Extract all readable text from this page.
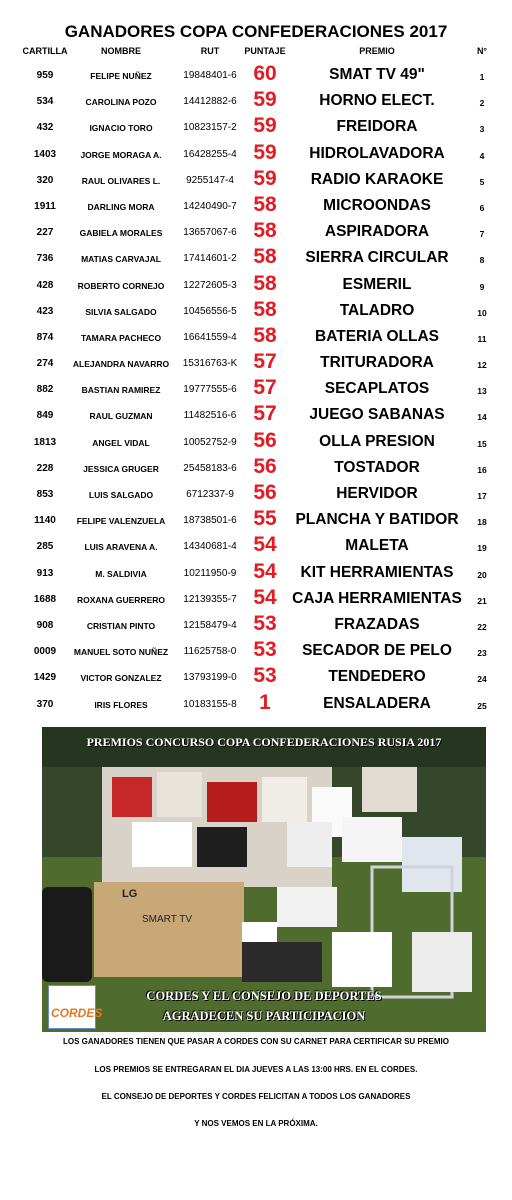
GANADORES COPA CONFEDERACIONES 2017
CARTILLA	NOMBRE	RUT	PUNTAJE	PREMIO	N°
959	FELIPE NUÑEZ	19848401-6 60	SMAT TV 49"	1
534	CAROLINA POZO	14412882-6 59	HORNO ELECT.	2
432	IGNACIO TORO	10823157-2 59	FREIDORA	3
1403	JORGE MORAGA A.	16428255-4 59	HIDROLAVADORA	4
320	RAUL OLIVARES L.	9255147-4 59	RADIO KARAOKE	5
1911	DARLING MORA	14240490-7 58	MICROONDAS	6
227	GABIELA MORALES	13657067-6 58	ASPIRADORA	7
736	MATIAS CARVAJAL	17414601-2 58	SIERRA CIRCULAR	8
428	ROBERTO CORNEJO	12272605-3 58	ESMERIL	9
423	SILVIA SALGADO	10456556-5 58	TALADRO	10
874	TAMARA PACHECO	16641559-4 58	BATERIA OLLAS	11
274	ALEJANDRA NAVARRO	15316763-K 57	TRITURADORA	12
882	BASTIAN RAMIREZ	19777555-6 57	SECAPLATOS	13
849	RAUL GUZMAN	11482516-6 57	JUEGO SABANAS	14
1813	ANGEL VIDAL	10052752-9 56	OLLA PRESION	15
228	JESSICA GRUGER	25458183-6 56	TOSTADOR	16
853	LUIS SALGADO	6712337-9 56	HERVIDOR	17
1140	FELIPE VALENZUELA	18738501-6 55	PLANCHA Y BATIDOR	18
285	LUIS ARAVENA A.	14340681-4 54	MALETA	19
913	M. SALDIVIA	10211950-9 54	KIT HERRAMIENTAS	20
1688	ROXANA GUERRERO	12139355-7 54	CAJA HERRAMIENTAS	21
908	CRISTIAN PINTO	12158479-4 53	FRAZADAS	22
0009	MANUEL SOTO NUÑEZ	11625758-0 53	SECADOR DE PELO	23
1429	VICTOR GONZALEZ	13793199-0 53	TENDEDERO	24
370	IRIS FLORES	10183155-8	1	ENSALADERA	25
LG
SMART TV
PREMIOS CONCURSO COPA CONFEDERACIONES RUSIA 2017
CORDES Y EL CONSEJO DE DEPORTES
AGRADECEN SU PARTICIPACION
CORDES
LOS GANADORES TIENEN QUE PASAR A CORDES CON SU CARNET PARA CERTIFICAR SU PREMIO
LOS PREMIOS SE ENTREGARAN EL DIA JUEVES A LAS 13:00 HRS. EN EL CORDES.
EL CONSEJO DE DEPORTES Y CORDES FELICITAN A TODOS LOS GANADORES
Y NOS VEMOS EN LA PRÓXIMA.
